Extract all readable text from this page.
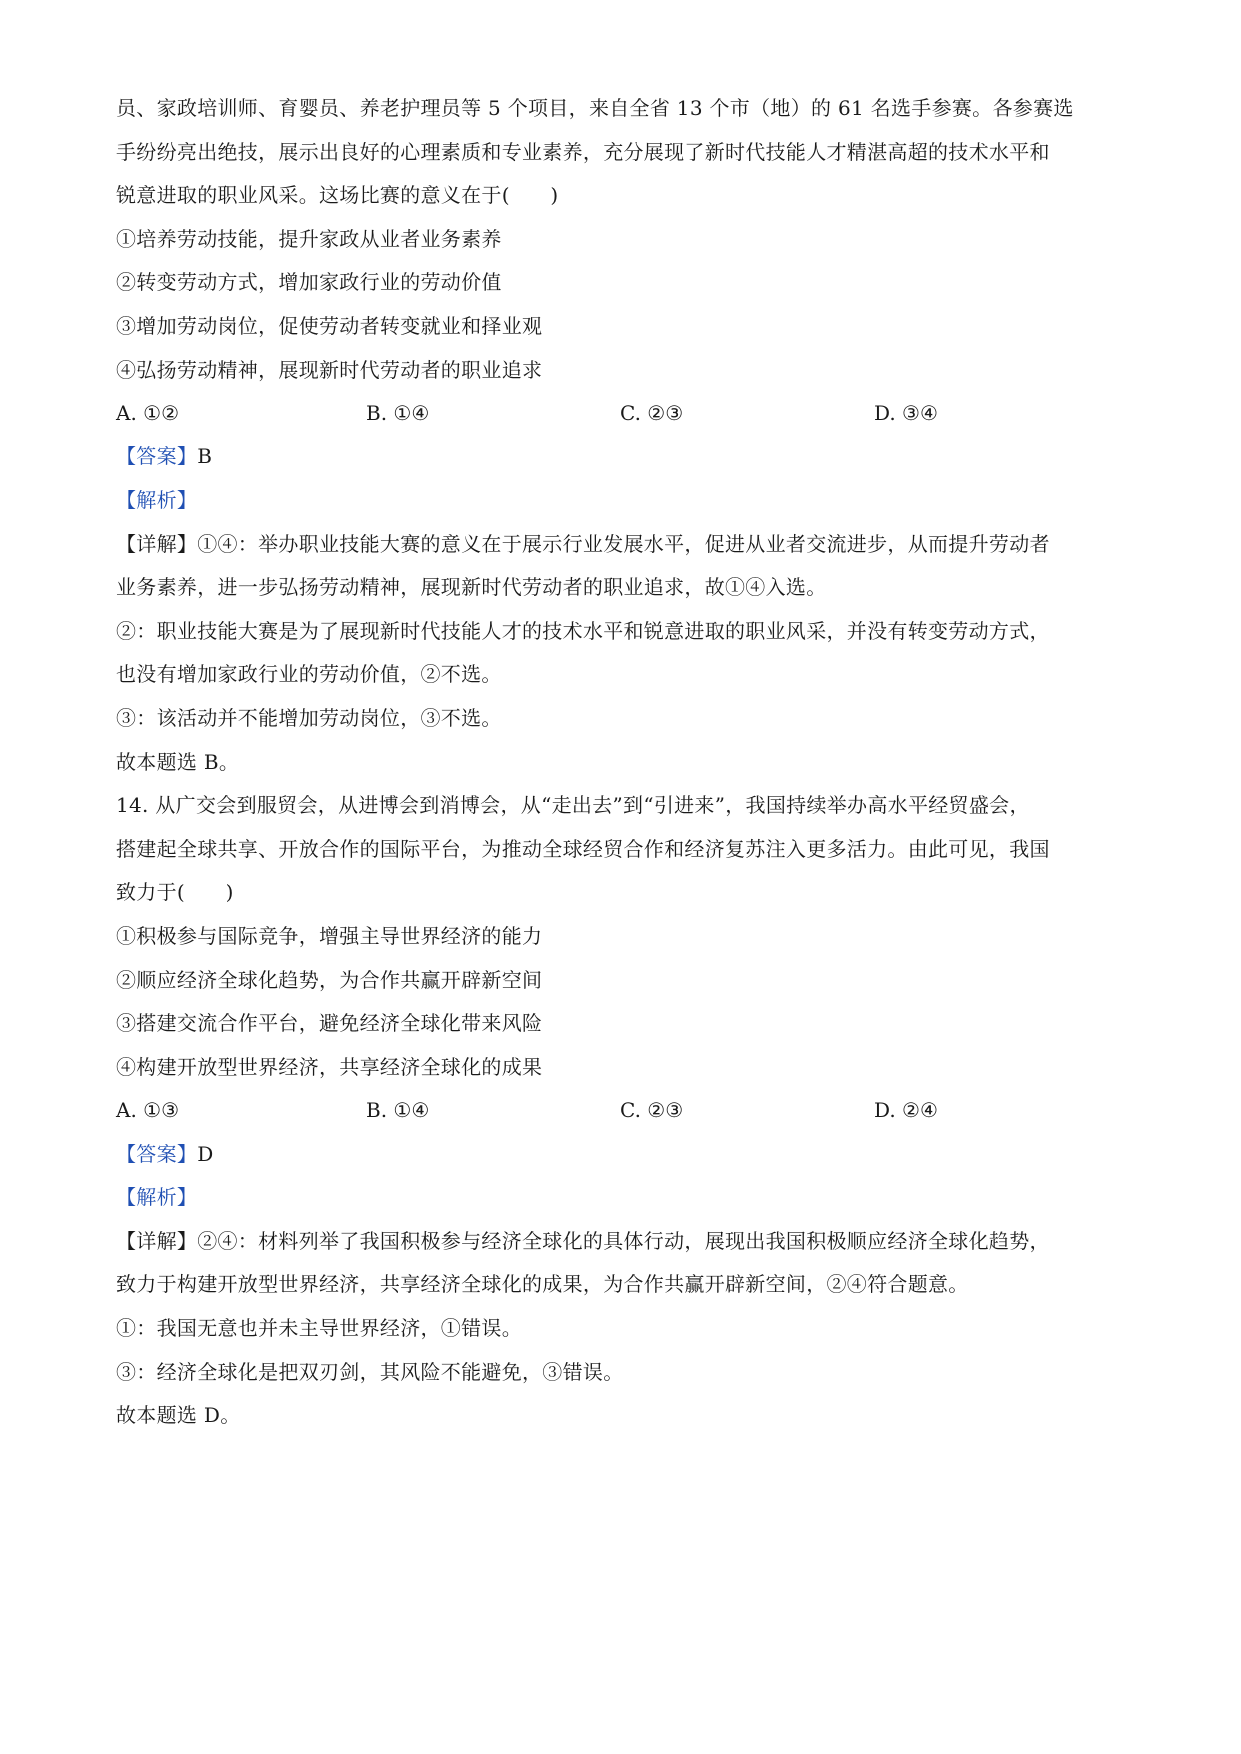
员、家政培训师、育婴员、养老护理员等 5 个项目，来自全省 13 个市（地）的 61 名选手参赛。各参赛选
手纷纷亮出绝技，展示出良好的心理素质和专业素养，充分展现了新时代技能人才精湛高超的技术水平和
锐意进取的职业风采。这场比赛的意义在于(　　)
①培养劳动技能，提升家政从业者业务素养
②转变劳动方式，增加家政行业的劳动价值
③增加劳动岗位，促使劳动者转变就业和择业观
④弘扬劳动精神，展现新时代劳动者的职业追求
A. ①②	B. ①④	C. ②③	D. ③④
【答案】B
【解析】
【详解】①④：举办职业技能大赛的意义在于展示行业发展水平，促进从业者交流进步，从而提升劳动者
业务素养，进一步弘扬劳动精神，展现新时代劳动者的职业追求，故①④入选。
②：职业技能大赛是为了展现新时代技能人才的技术水平和锐意进取的职业风采，并没有转变劳动方式，
也没有增加家政行业的劳动价值，②不选。
③：该活动并不能增加劳动岗位，③不选。
故本题选 B。
14. 从广交会到服贸会，从进博会到消博会，从“走出去”到“引进来”，我国持续举办高水平经贸盛会，
搭建起全球共享、开放合作的国际平台，为推动全球经贸合作和经济复苏注入更多活力。由此可见，我国
致力于(　　)
①积极参与国际竞争，增强主导世界经济的能力
②顺应经济全球化趋势，为合作共赢开辟新空间
③搭建交流合作平台，避免经济全球化带来风险
④构建开放型世界经济，共享经济全球化的成果
A. ①③	B. ①④	C. ②③	D. ②④
【答案】D
【解析】
【详解】②④：材料列举了我国积极参与经济全球化的具体行动，展现出我国积极顺应经济全球化趋势，
致力于构建开放型世界经济，共享经济全球化的成果，为合作共赢开辟新空间，②④符合题意。
①：我国无意也并未主导世界经济，①错误。
③：经济全球化是把双刃剑，其风险不能避免，③错误。
故本题选 D。
